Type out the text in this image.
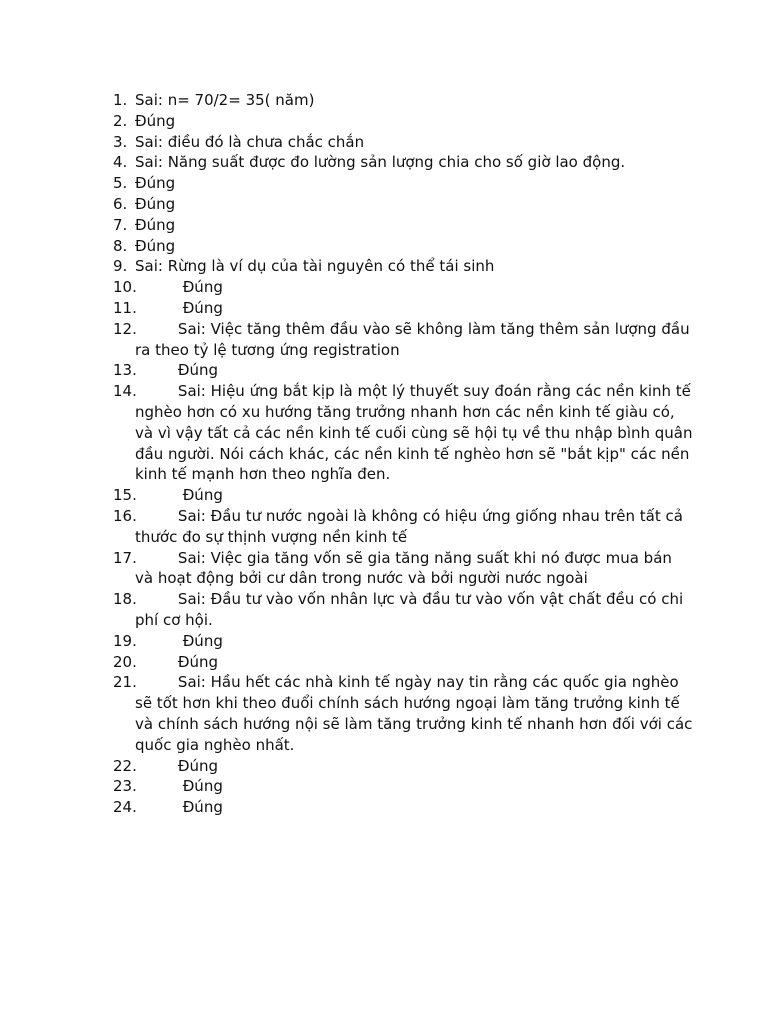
1. Sai: n= 70/2= 35( năm)
2. Đúng
3. Sai: điều đó là chưa chắc chắn
4. Sai: Năng suất được đo lường sản lượng chia cho số giờ lao động.
5. Đúng
6. Đúng
7. Đúng
8. Đúng
9. Sai: Rừng là ví dụ của tài nguyên có thể tái sinh
10.
Đúng
11.
Đúng
12.
Sai: Việc tăng thêm đầu vào sẽ không làm tăng thêm sản lượng đầu ra theo tỷ lệ tương ứng registration
13.
Đúng
14.
Sai: Hiệu ứng bắt kịp là một lý thuyết suy đoán rằng các nền kinh tế nghèo hơn có xu hướng tăng trưởng nhanh hơn các nền kinh tế giàu có, và vì vậy tất cả các nền kinh tế cuối cùng sẽ hội tụ về thu nhập bình quân đầu người. Nói cách khác, các nền kinh tế nghèo hơn sẽ "bắt kịp" các nền kinh tế mạnh hơn theo nghĩa đen.
15.
Đúng
16.
Sai: Đầu tư nước ngoài là không có hiệu ứng giống nhau trên tất cả thước đo sự thịnh vượng nền kinh tế
17.
Sai: Việc gia tăng vốn sẽ gia tăng năng suất khi nó được mua bán và hoạt động bởi cư dân trong nước và bởi người nước ngoài
18.
Sai: Đầu tư vào vốn nhân lực và đầu tư vào vốn vật chất đều có chi phí cơ hội.
19.
Đúng
20.
Đúng
21.
Sai: Hầu hết các nhà kinh tế ngày nay tin rằng các quốc gia nghèo sẽ tốt hơn khi theo đuổi chính sách hướng ngoại làm tăng trưởng kinh tế và chính sách hướng nội sẽ làm tăng trưởng kinh tế nhanh hơn đối với các quốc gia nghèo nhất.
22.
Đúng
23.
Đúng
24.
Đúng
